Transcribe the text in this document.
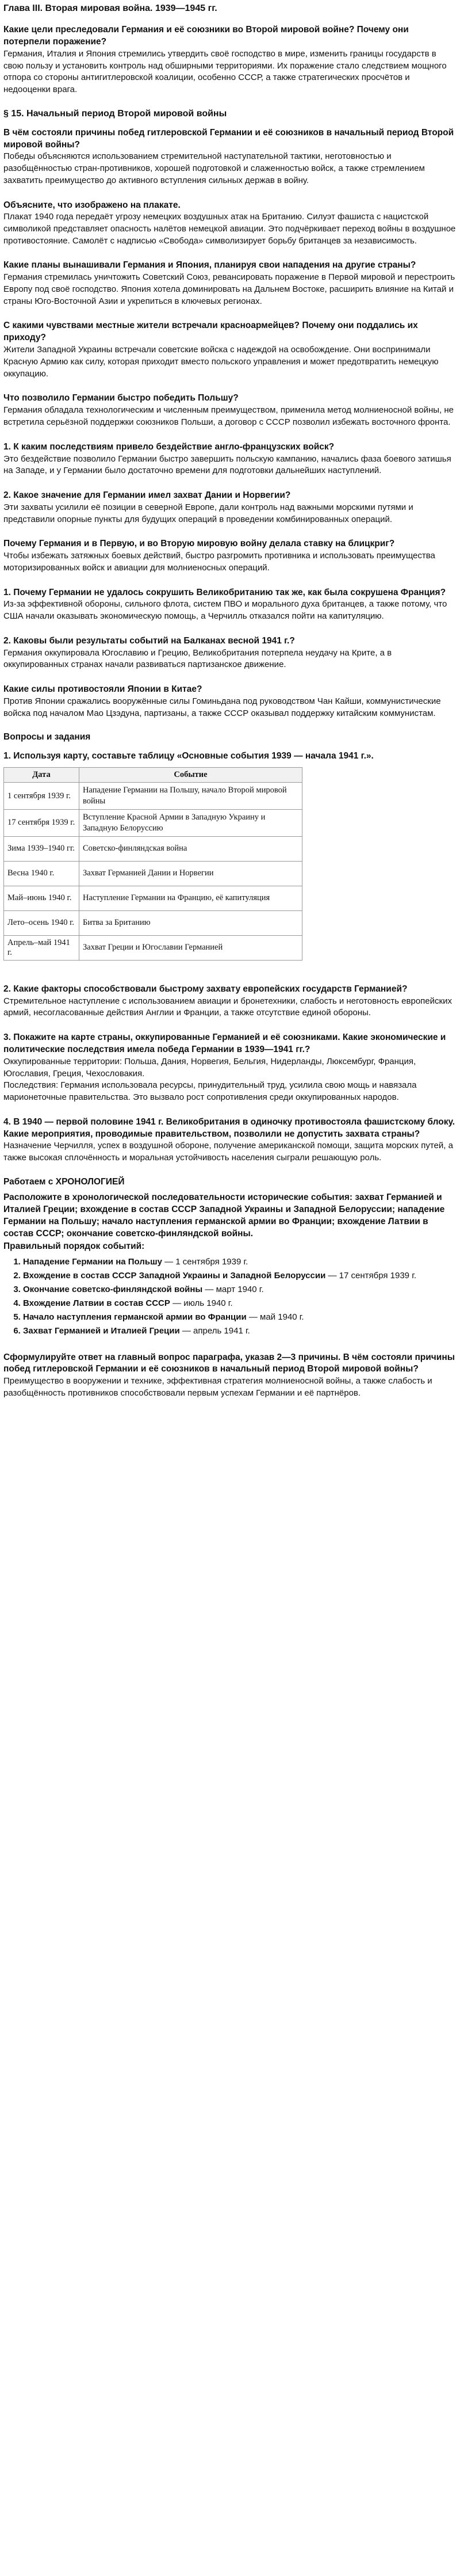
Глава III. Вторая мировая война. 1939—1945 гг.

Какие цели преследовали Германия и её союзники во Второй мировой войне? Почему они потерпели поражение?

Германия, Италия и Япония стремились утвердить своё господство в мире, изменить границы государств в свою пользу и установить контроль над обширными территориями. Их поражение стало следствием мощного отпора со стороны антигитлеровской коалиции, особенно СССР, а также стратегических просчётов и недооценки врага.

§ 15. Начальный период Второй мировой войны

В чём состояли причины побед гитлеровской Германии и её союзников в начальный период Второй мировой войны?

Победы объясняются использованием стремительной наступательной тактики, неготовностью и разобщённостью стран-противников, хорошей подготовкой и слаженностью войск, а также стремлением захватить преимущество до активного вступления сильных держав в войну.

Объясните, что изображено на плакате.

Плакат 1940 года передаёт угрозу немецких воздушных атак на Британию. Силуэт фашиста с нацистской символикой представляет опасность налётов немецкой авиации. Это подчёркивает переход войны в воздушное противостояние. Самолёт с надписью «Свобода» символизирует борьбу британцев за независимость.

Какие планы вынашивали Германия и Япония, планируя свои нападения на другие страны?

Германия стремилась уничтожить Советский Союз, ревансировать поражение в Первой мировой и перестроить Европу под своё господство. Япония хотела доминировать на Дальнем Востоке, расширить влияние на Китай и страны Юго-Восточной Азии и укрепиться в ключевых регионах.

С какими чувствами местные жители встречали красноармейцев? Почему они поддались их приходу?

Жители Западной Украины встречали советские войска с надеждой на освобождение. Они воспринимали Красную Армию как силу, которая приходит вместо польского управления и может предотвратить немецкую оккупацию.

Что позволило Германии быстро победить Польшу?

Германия обладала технологическим и численным преимуществом, применила метод молниеносной войны, не встретила серьёзной поддержки союзников Польши, а договор с СССР позволил избежать восточного фронта.

1. К каким последствиям привело бездействие англо-французских войск?

Это бездействие позволило Германии быстро завершить польскую кампанию, начались фаза боевого затишья на Западе, и у Германии было достаточно времени для подготовки дальнейших наступлений.

2. Какое значение для Германии имел захват Дании и Норвегии?

Эти захваты усилили её позиции в северной Европе, дали контроль над важными морскими путями и представили опорные пункты для будущих операций в проведении комбинированных операций.

Почему Германия и в Первую, и во Вторую мировую войну делала ставку на блицкриг?

Чтобы избежать затяжных боевых действий, быстро разгромить противника и использовать преимущества моторизированных войск и авиации для молниеносных операций.

1. Почему Германии не удалось сокрушить Великобританию так же, как была сокрушена Франция?

Из-за эффективной обороны, сильного флота, систем ПВО и морального духа британцев, а также потому, что США начали оказывать экономическую помощь, а Черчилль отказался пойти на капитуляцию.

2. Каковы были результаты событий на Балканах весной 1941 г.?

Германия оккупировала Югославию и Грецию, Великобритания потерпела неудачу на Крите, а в оккупированных странах начали развиваться партизанское движение.

Какие силы противостояли Японии в Китае?

Против Японии сражались вооружённые силы Гоминьдана под руководством Чан Кайши, коммунистические войска под началом Мао Цзэдуна, партизаны, а также СССР оказывал поддержку китайским коммунистам.

Вопросы и задания

1. Используя карту, составьте таблицу «Основные события 1939 — начала 1941 г.».

Дата	Событие
1 сентября 1939 г.	Нападение Германии на Польшу, начало Второй мировой войны
17 сентября 1939 г.	Вступление Красной Армии в Западную Украину и Западную Белоруссию
Зима 1939–1940 гг.	Советско-финляндская война
Весна 1940 г.	Захват Германией Дании и Норвегии
Май–июнь 1940 г.	Наступление Германии на Францию, её капитуляция
Лето–осень 1940 г.	Битва за Британию
Апрель–май 1941 г.	Захват Греции и Югославии Германией

2. Какие факторы способствовали быстрому захвату европейских государств Германией?

Стремительное наступление с использованием авиации и бронетехники, слабость и неготовность европейских армий, несогласованные действия Англии и Франции, а также отсутствие единой обороны.

3. Покажите на карте страны, оккупированные Германией и её союзниками. Какие экономические и политические последствия имела победа Германии в 1939—1941 гг.?

Оккупированные территории: Польша, Дания, Норвегия, Бельгия, Нидерланды, Люксембург, Франция, Югославия, Греция, Чехословакия.
Последствия: Германия использовала ресурсы, принудительный труд, усилила свою мощь и навязала марионеточные правительства. Это вызвало рост сопротивления среди оккупированных народов.

4. В 1940 — первой половине 1941 г. Великобритания в одиночку противостояла фашистскому блоку. Какие мероприятия, проводимые правительством, позволили не допустить захвата страны?

Назначение Черчилля, успех в воздушной обороне, получение американской помощи, защита морских путей, а также высокая сплочённость и моральная устойчивость населения сыграли решающую роль.

Работаем с ХРОНОЛОГИЕЙ

Расположите в хронологической последовательности исторические события: захват Германией и Италией Греции; вхождение в состав СССР Западной Украины и Западной Белоруссии; нападение Германии на Польшу; начало наступления германской армии во Франции; вхождение Латвии в состав СССР; окончание советско-финляндской войны.

Правильный порядок событий:

1. Нападение Германии на Польшу — 1 сентября 1939 г.
2. Вхождение в состав СССР Западной Украины и Западной Белоруссии — 17 сентября 1939 г.
3. Окончание советско-финляндской войны — март 1940 г.
4. Вхождение Латвии в состав СССР — июль 1940 г.
5. Начало наступления германской армии во Франции — май 1940 г.
6. Захват Германией и Италией Греции — апрель 1941 г.

Сформулируйте ответ на главный вопрос параграфа, указав 2—3 причины. В чём состояли причины побед гитлеровской Германии и её союзников в начальный период Второй мировой войны?

Преимущество в вооружении и технике, эффективная стратегия молниеносной войны, а также слабость и разобщённость противников способствовали первым успехам Германии и её партнёров.
